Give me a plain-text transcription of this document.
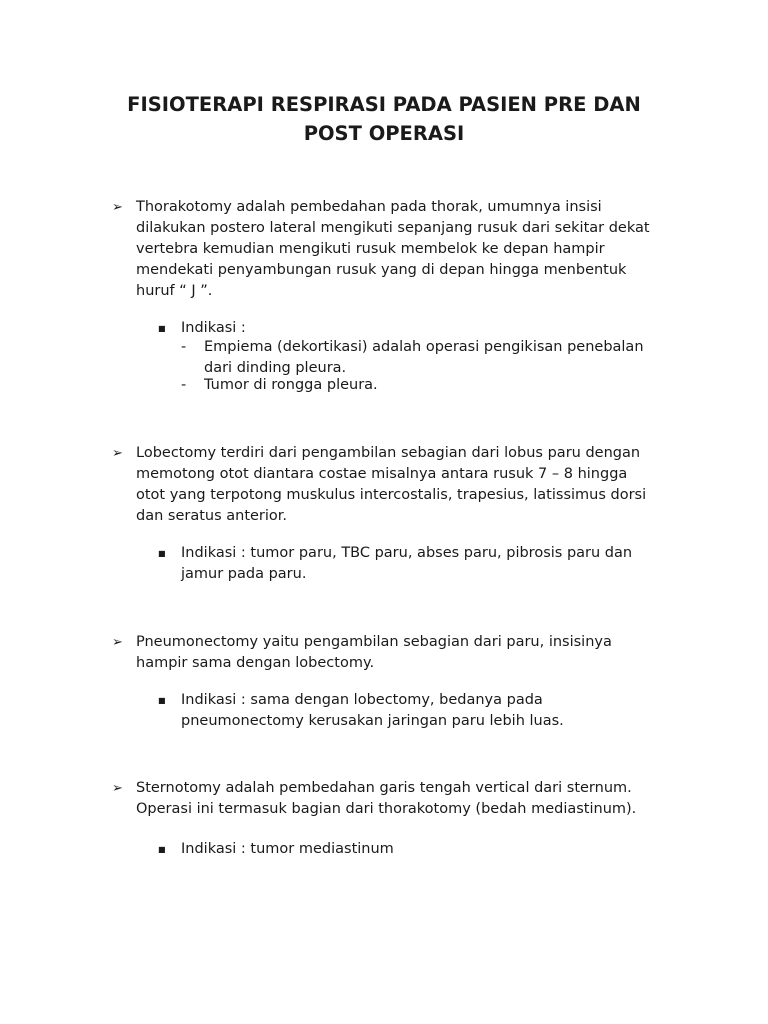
FISIOTERAPI RESPIRASI PADA PASIEN PRE DAN
POST OPERASI
➢ Thorakotomy adalah pembedahan pada thorak, umumnya insisi
dilakukan postero lateral mengikuti sepanjang rusuk dari sekitar dekat
vertebra kemudian mengikuti rusuk membelok ke depan hampir
mendekati penyambungan rusuk yang di depan hingga menbentuk
huruf “ J ”.
■ Indikasi :
- Empiema (dekortikasi) adalah operasi pengikisan penebalan
dari dinding pleura.
- Tumor di rongga pleura.
➢ Lobectomy terdiri dari pengambilan sebagian dari lobus paru dengan
memotong otot diantara costae misalnya antara rusuk 7 – 8 hingga
otot yang terpotong muskulus intercostalis, trapesius, latissimus dorsi
dan seratus anterior.
■ Indikasi : tumor paru, TBC paru, abses paru, pibrosis paru dan
jamur pada paru.
➢ Pneumonectomy yaitu pengambilan sebagian dari paru, insisinya
hampir sama dengan lobectomy.
■ Indikasi : sama dengan lobectomy, bedanya pada
pneumonectomy kerusakan jaringan paru lebih luas.
➢ Sternotomy adalah pembedahan garis tengah vertical dari sternum.
Operasi ini termasuk bagian dari thorakotomy (bedah mediastinum).
■ Indikasi : tumor mediastinum
